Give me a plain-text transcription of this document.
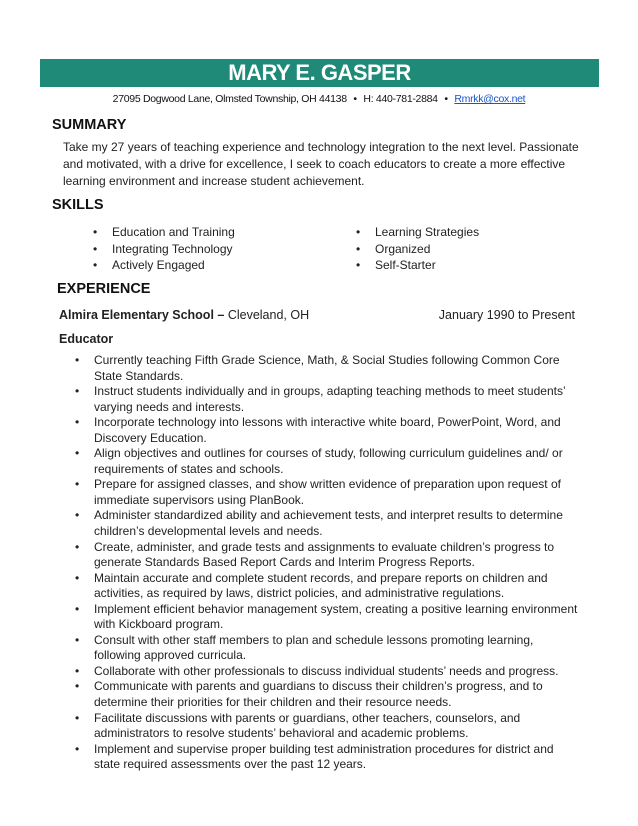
MARY E. GASPER
27095 Dogwood Lane, Olmsted Township, OH 44138 • H: 440-781-2884 • Rmrkk@cox.net
SUMMARY

Take my 27 years of teaching experience and technology integration to the next level. Passionate and motivated, with a drive for excellence, I seek to coach educators to create a more effective learning environment and increase student achievement.

SKILLS
• Education and Training
• Integrating Technology
• Actively Engaged
• Learning Strategies
• Organized
• Self-Starter
EXPERIENCE
Almira Elementary School – Cleveland, OH	January 1990 to Present
Educator
• Currently teaching Fifth Grade Science, Math, & Social Studies following Common Core State Standards.
• Instruct students individually and in groups, adapting teaching methods to meet students’ varying needs and interests.
• Incorporate technology into lessons with interactive white board, PowerPoint, Word, and Discovery Education.
• Align objectives and outlines for courses of study, following curriculum guidelines and/ or requirements of states and schools.
• Prepare for assigned classes, and show written evidence of preparation upon request of immediate supervisors using PlanBook.
• Administer standardized ability and achievement tests, and interpret results to determine children’s developmental levels and needs.
• Create, administer, and grade tests and assignments to evaluate children’s progress to generate Standards Based Report Cards and Interim Progress Reports.
• Maintain accurate and complete student records, and prepare reports on children and activities, as required by laws, district policies, and administrative regulations.
• Implement efficient behavior management system, creating a positive learning environment with Kickboard program.
• Consult with other staff members to plan and schedule lessons promoting learning, following approved curricula.
• Collaborate with other professionals to discuss individual students’ needs and progress.
• Communicate with parents and guardians to discuss their children’s progress, and to determine their priorities for their children and their resource needs.
• Facilitate discussions with parents or guardians, other teachers, counselors, and administrators to resolve students’ behavioral and academic problems.
• Implement and supervise proper building test administration procedures for district and state required assessments over the past 12 years.
